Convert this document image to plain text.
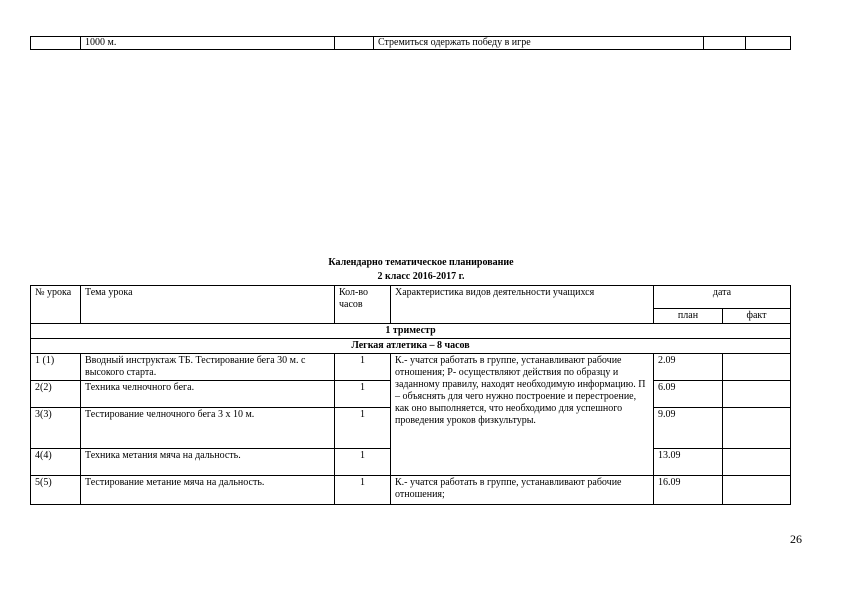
	1000 м.		Стремиться одержать победу в игре		
Календарно тематическое планирование
2 класс 2016-2017 г.
№ урока	Тема урока	Кол-во часов	Характеристика видов деятельности учащихся	дата	
				план	факт
1 триместр					
Легкая атлетика – 8 часов					
1 (1)	Вводный инструктаж ТБ. Тестирование бега 30 м. с высокого старта.	1	К.- учатся работать в группе, устанавливают рабочие отношения; Р- осуществляют действия по образцу и заданному правилу, находят необходимую информацию. П – объяснять для чего нужно построение и перестроение, как оно выполняется, что необходимо для успешного проведения уроков физкультуры.	2.09	
2(2)	Техника челночного бега.	1		6.09	
3(3)	Тестирование челночного бега 3 х 10 м.	1		9.09	
4(4)	Техника метания мяча на дальность.	1		13.09	
5(5)	Тестирование метание мяча на дальность.	1	К.- учатся работать в группе, устанавливают рабочие отношения;	16.09	
26
